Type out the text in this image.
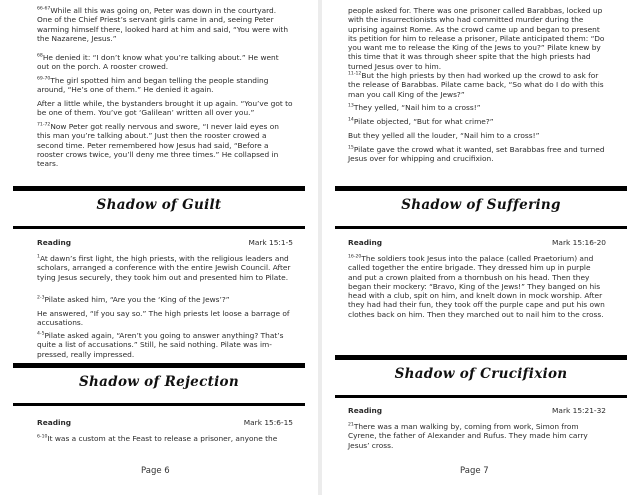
$^{66-67}$While all this was going on, Peter was down in the courtyard. One of the Chief Priest’s servant girls came in and, seeing Peter warming himself there, looked hard at him and said, “You were with the Nazarene, Jesus.”

$^{68}$He denied it: “I don’t know what you’re talking about.” He went out on the porch. A rooster crowed.

$^{69-70}$The girl spotted him and began telling the people standing around, “He’s one of them.” He denied it again.

After a little while, the bystanders brought it up again. “You’ve got to be one of them. You’ve got ‘Galilean’ written all over you.”

$^{71-72}$Now Peter got really nervous and swore, “I never laid eyes on this man you’re talking about.” Just then the rooster crowed a second time. Peter remembered how Jesus had said, “Before a rooster crows twice, you’ll deny me three times.” He collapsed in tears.

Shadow of Guilt
Reading	Mark 15:1-5

$^1$At dawn’s first light, the high priests, with the religious leaders and scholars, arranged a conference with the entire Jewish Council. After tying Jesus securely, they took him out and presented him to Pilate.

$^{2-3}$Pilate asked him, “Are you the ‘King of the Jews’?”

He answered, “If you say so.” The high priests let loose a barrage of accusations.

$^{4-5}$Pilate asked again, “Aren’t you going to answer anything? That’s quite a list of accusations.” Still, he said nothing. Pilate was im- pressed, really impressed.

Shadow of Rejection
Reading	Mark 15:6-15

$^{6-10}$It was a custom at the Feast to release a prisoner, anyone the

Page 6

people asked for. There was one prisoner called Barabbas, locked up with the insurrectionists who had committed murder during the uprising against Rome. As the crowd came up and began to present its petition for him to release a prisoner, Pilate anticipated them: “Do you want me to release the King of the Jews to you?” Pilate knew by this time that it was through sheer spite that the high priests had turned Jesus over to him.

$^{11-12}$But the high priests by then had worked up the crowd to ask for the release of Barabbas. Pilate came back, “So what do I do with this man you call King of the Jews?”

$^{13}$They yelled, “Nail him to a cross!”

$^{14}$Pilate objected, “But for what crime?”

But they yelled all the louder, “Nail him to a cross!”

$^{15}$Pilate gave the crowd what it wanted, set Barabbas free and turned Jesus over for whipping and crucifixion.

Shadow of Suffering
Reading	Mark 15:16-20

$^{16-20}$The soldiers took Jesus into the palace (called Praetorium) and called together the entire brigade. They dressed him up in purple and put a crown plaited from a thornbush on his head. Then they began their mockery: “Bravo, King of the Jews!” They banged on his head with a club, spit on him, and knelt down in mock worship. After they had had their fun, they took off the purple cape and put his own clothes back on him. Then they marched out to nail him to the cross.

Shadow of Crucifixion
Reading	Mark 15:21-32

$^{21}$There was a man walking by, coming from work, Simon from Cyrene, the father of Alexander and Rufus. They made him carry Jesus’ cross.

Page 7
